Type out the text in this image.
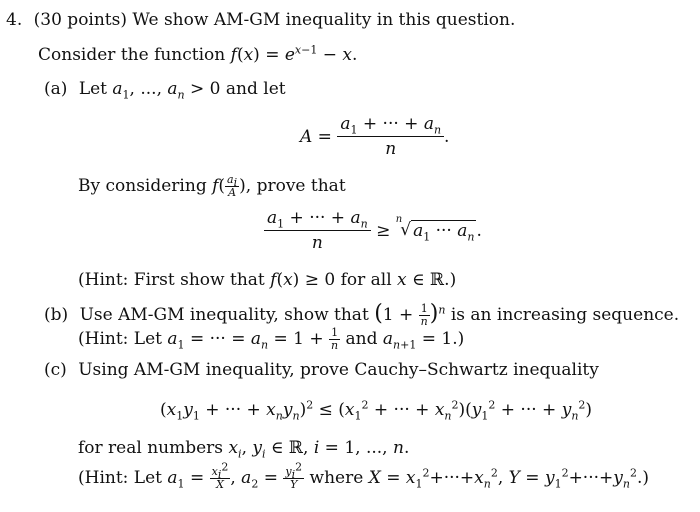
4. (30 points) We show AM-GM inequality in this question.
Consider the function $f(x) = e^{x-1} - x$.
(a) Let $a_1$, ..., $a_n > 0$ and let
$A = \frac{a_1 + \cdot\cdot\cdot + a_n}{n}$ .
By considering $f( \frac{a_i}{A}$ ), prove that
$\frac{a_1 + \cdot\cdot\cdot + a_n}{n}$
≥

n
√ $a_1$ ··· $a_n$ .
(Hint: First show that f(x) ≥ 0 for all x ∈ ℝ.)
(b) Use AM-GM inequality, show that $(1 + \frac{1}{n} )^n$ is an increasing sequence.
(Hint: Let $a_1$ = ··· = $a_n = 1 + \frac{1}{n}$ and $a_{n+1} = 1$.)
(c) Using AM-GM inequality, prove Cauchy–Schwartz inequality
($x_1y_1$ + ··· + $x_ny_n)^2 \le (x_1^2$ + ··· + $x_n^2)(y_1^2$ + ··· + $y_n^2$)
for real numbers $x_i$, $y_i$ ∈ ℝ, i = 1, ..., n.
(Hint: Let $a_1 = \frac{x_i^2}{X}$ , $a_2 = \frac{y_i^2}{Y}$ where $X = x_1^2+\cdot\cdot\cdot+x_n^2$, $Y = y_1^2+\cdot\cdot\cdot+y_n^2$.)
